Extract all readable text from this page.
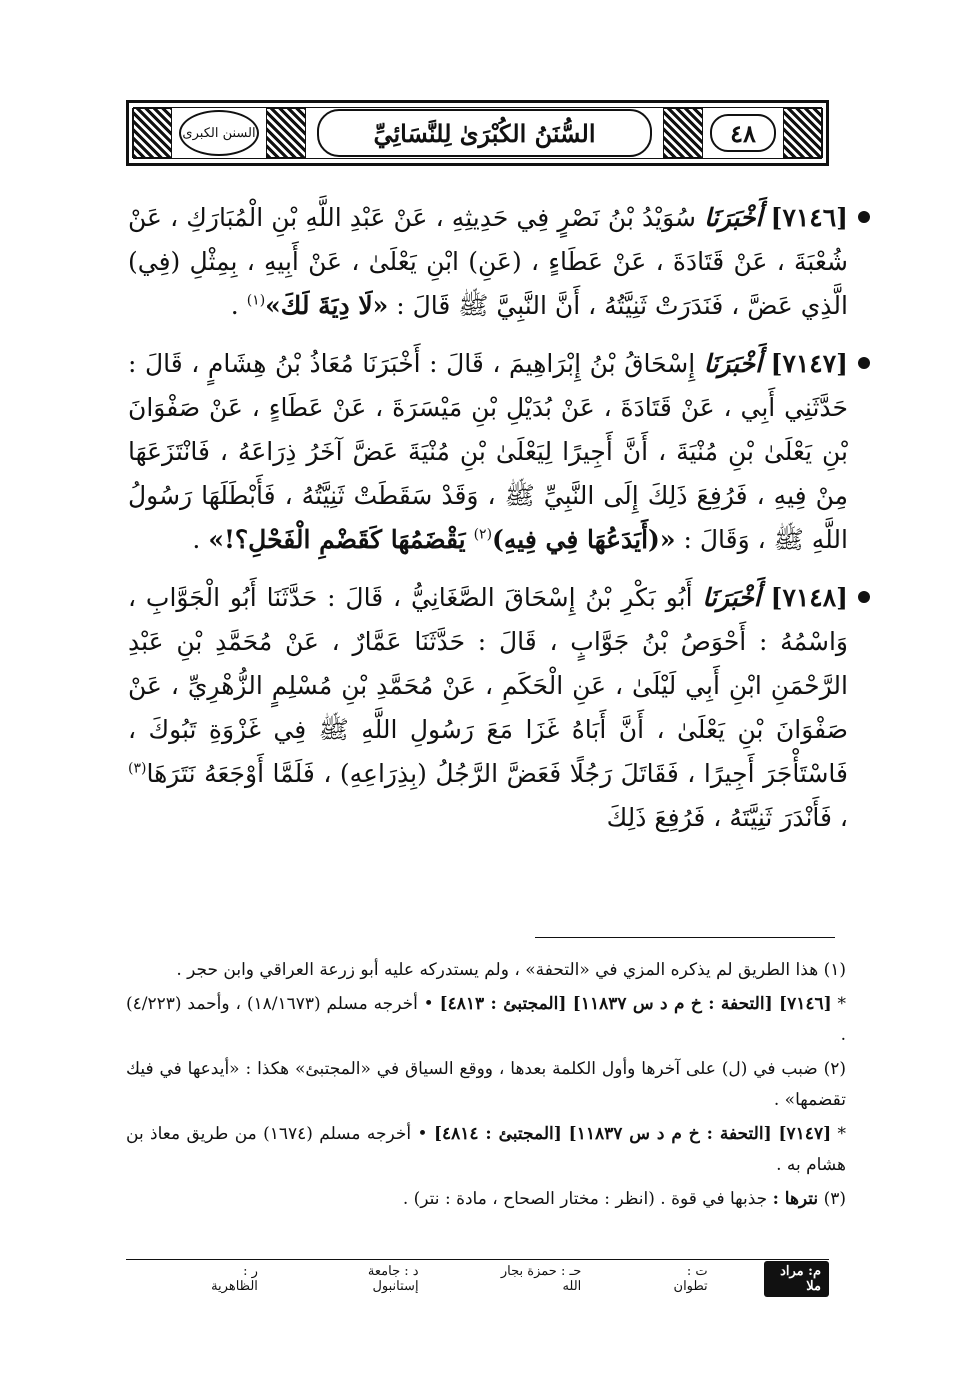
السنن الكبرى	السُّنَنُ الكُبْرَىٰ لِلنَّسَائِيِّ	٤٨

[٧١٤٦] أَخْبَرَنَا سُوَيْدُ بْنُ نَصْرٍ فِي حَدِيثِهِ ، عَنْ عَبْدِ اللَّهِ بْنِ الْمُبَارَكِ ، عَنْ شُعْبَةَ ، عَنْ قَتَادَةَ ، عَنْ عَطَاءٍ ، (عَنِ) ابْنِ يَعْلَىٰ ، عَنْ أَبِيهِ ، بِمِثْلِ (فِي) الَّذِي عَضَّ ، فَنَدَرَتْ ثَنِيَّتُهُ ، أَنَّ النَّبِيَّ ﷺ قَالَ : «لَا دِيَةَ لَكَ»$^{(١)}$ .

[٧١٤٧] أَخْبَرَنَا إِسْحَاقُ بْنُ إِبْرَاهِيمَ ، قَالَ : أَخْبَرَنَا مُعَاذُ بْنُ هِشَامٍ ، قَالَ : حَدَّثَنِي أَبِي ، عَنْ قَتَادَةَ ، عَنْ بُدَيْلِ بْنِ مَيْسَرَةَ ، عَنْ عَطَاءٍ ، عَنْ صَفْوَانَ بْنِ يَعْلَىٰ بْنِ مُنْيَةَ ، أَنَّ أَجِيرًا لِيَعْلَىٰ بْنِ مُنْيَةَ عَضَّ آخَرُ ذِرَاعَهُ ، فَانْتَزَعَهَا مِنْ فِيهِ ، فَرُفِعَ ذَلِكَ إِلَى النَّبِيِّ ﷺ ، وَقَدْ سَقَطَتْ ثَنِيَّتُهُ ، فَأَبْطَلَهَا رَسُولُ اللَّهِ ﷺ ، وَقَالَ : «(أَيَدَعُهَا فِي فِيهِ)$^{(٢)}$ يَقْضَمُهَا كَقَضْمِ الْفَحْلِ؟!» .

[٧١٤٨] أَخْبَرَنَا أَبُو بَكْرِ بْنُ إِسْحَاقَ الصَّغَانِيُّ ، قَالَ : حَدَّثَنَا أَبُو الْجَوَّابِ ، وَاسْمُهُ : أَحْوَصُ بْنُ جَوَّابٍ ، قَالَ : حَدَّثَنَا عَمَّارٌ ، عَنْ مُحَمَّدِ بْنِ عَبْدِ الرَّحْمَنِ ابْنِ أَبِي لَيْلَىٰ ، عَنِ الْحَكَمِ ، عَنْ مُحَمَّدِ بْنِ مُسْلِمٍ الزُّهْرِيِّ ، عَنْ صَفْوَانَ بْنِ يَعْلَىٰ ، أَنَّ أَبَاهُ غَزَا مَعَ رَسُولِ اللَّهِ ﷺ فِي غَزْوَةِ تَبُوكَ ، فَاسْتَأْجَرَ أَجِيرًا ، فَقَاتَلَ رَجُلًا فَعَضَّ الرَّجُلُ (بِذِرَاعِهِ) ، فَلَمَّا أَوْجَعَهُ نَتَرَهَا$^{(٣)}$ ، فَأَنْدَرَ ثَنِيَّتَهُ ، فَرُفِعَ ذَلِكَ

(١) هذا الطريق لم يذكره المزي في «التحفة» ، ولم يستدركه عليه أبو زرعة العراقي وابن حجر .

* [٧١٤٦] [التحفة : خ م د س ١١٨٣٧] [المجتبئ : ٤٨١٣] • أخرجه مسلم (١٨/١٦٧٣) ، وأحمد (٤/٢٢٣) .

(٢) ضبب في (ل) على آخرها وأول الكلمة بعدها ، ووقع السياق في «المجتبئ» هكذا : «أيدعها في فيك تقضمها» .

* [٧١٤٧] [التحفة : خ م د س ١١٨٣٧] [المجتبئ : ٤٨١٤] • أخرجه مسلم (١٦٧٤) من طريق معاذ بن هشام به .

(٣) نترها : جذبها في قوة . (انظر : مختار الصحاح ، مادة : نتر) .

م: مراد ملا
ت : تطوان
حـ : حمزة بجار الله
د : جامعة إستانبول
ر : الظاهرية
